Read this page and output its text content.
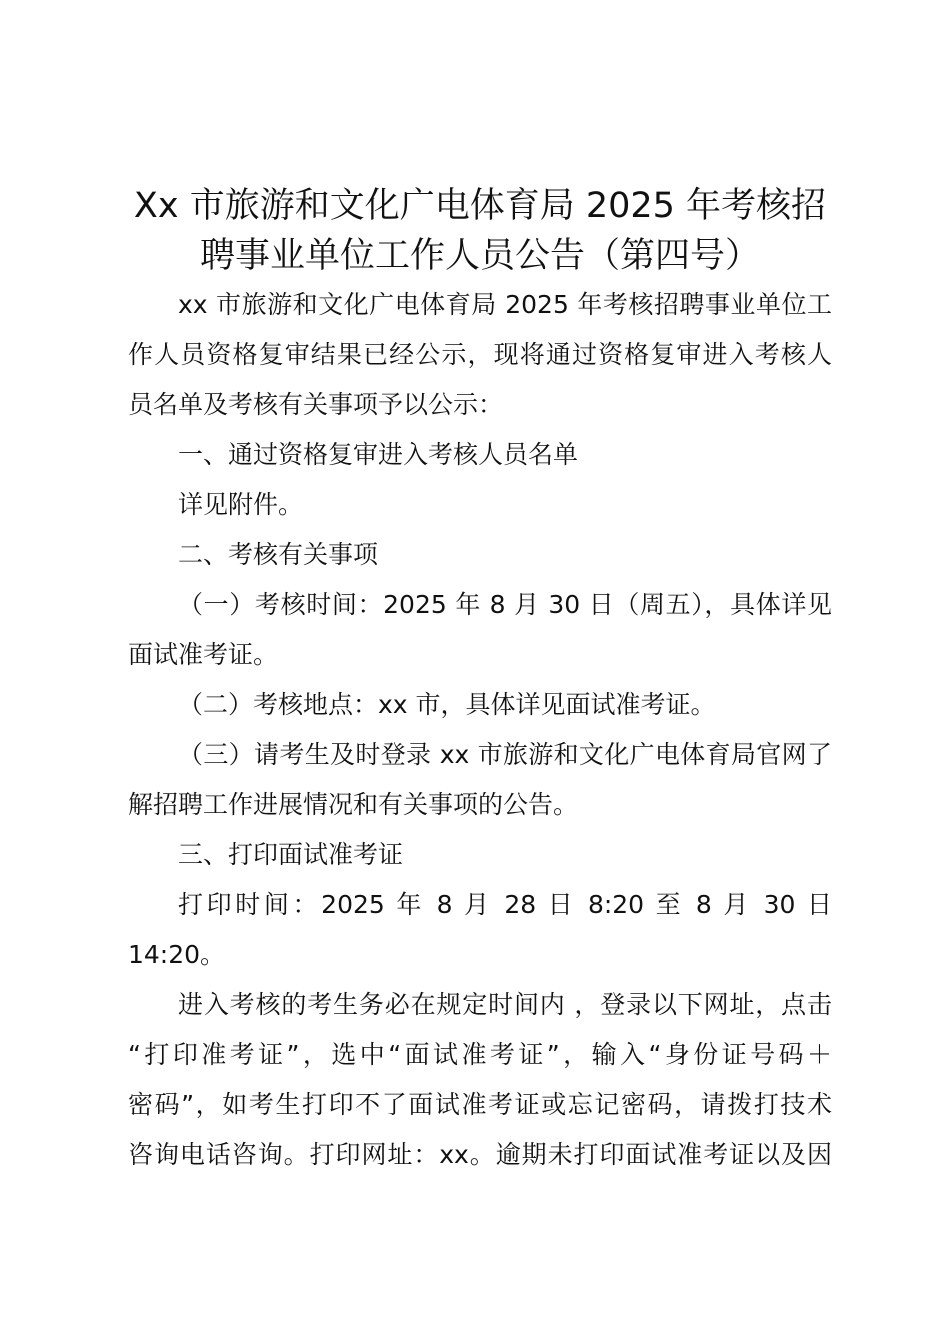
Xx 市旅游和文化广电体育局 2025 年考核招
聘事业单位工作人员公告（第四号）
xx 市旅游和文化广电体育局 2025 年考核招聘事业单位工
作人员资格复审结果已经公示，现将通过资格复审进入考核人
员名单及考核有关事项予以公示：
一、通过资格复审进入考核人员名单
详见附件。
二、考核有关事项
（一）考核时间：2025 年 8 月 30 日（周五），具体详见
面试准考证。
（二）考核地点：xx 市，具体详见面试准考证。
（三）请考生及时登录 xx 市旅游和文化广电体育局官网了
解招聘工作进展情况和有关事项的公告。
三、打印面试准考证
打印时间：2025 年 8 月 28 日 8:20 至 8 月 30 日
14:20。
进入考核的考生务必在规定时间内 ，登录以下网址，点击
“打印准考证”，选中“面试准考证”，输入“身份证号码＋
密码”，如考生打印不了面试准考证或忘记密码，请拨打技术
咨询电话咨询。打印网址：xx。逾期未打印面试准考证以及因
